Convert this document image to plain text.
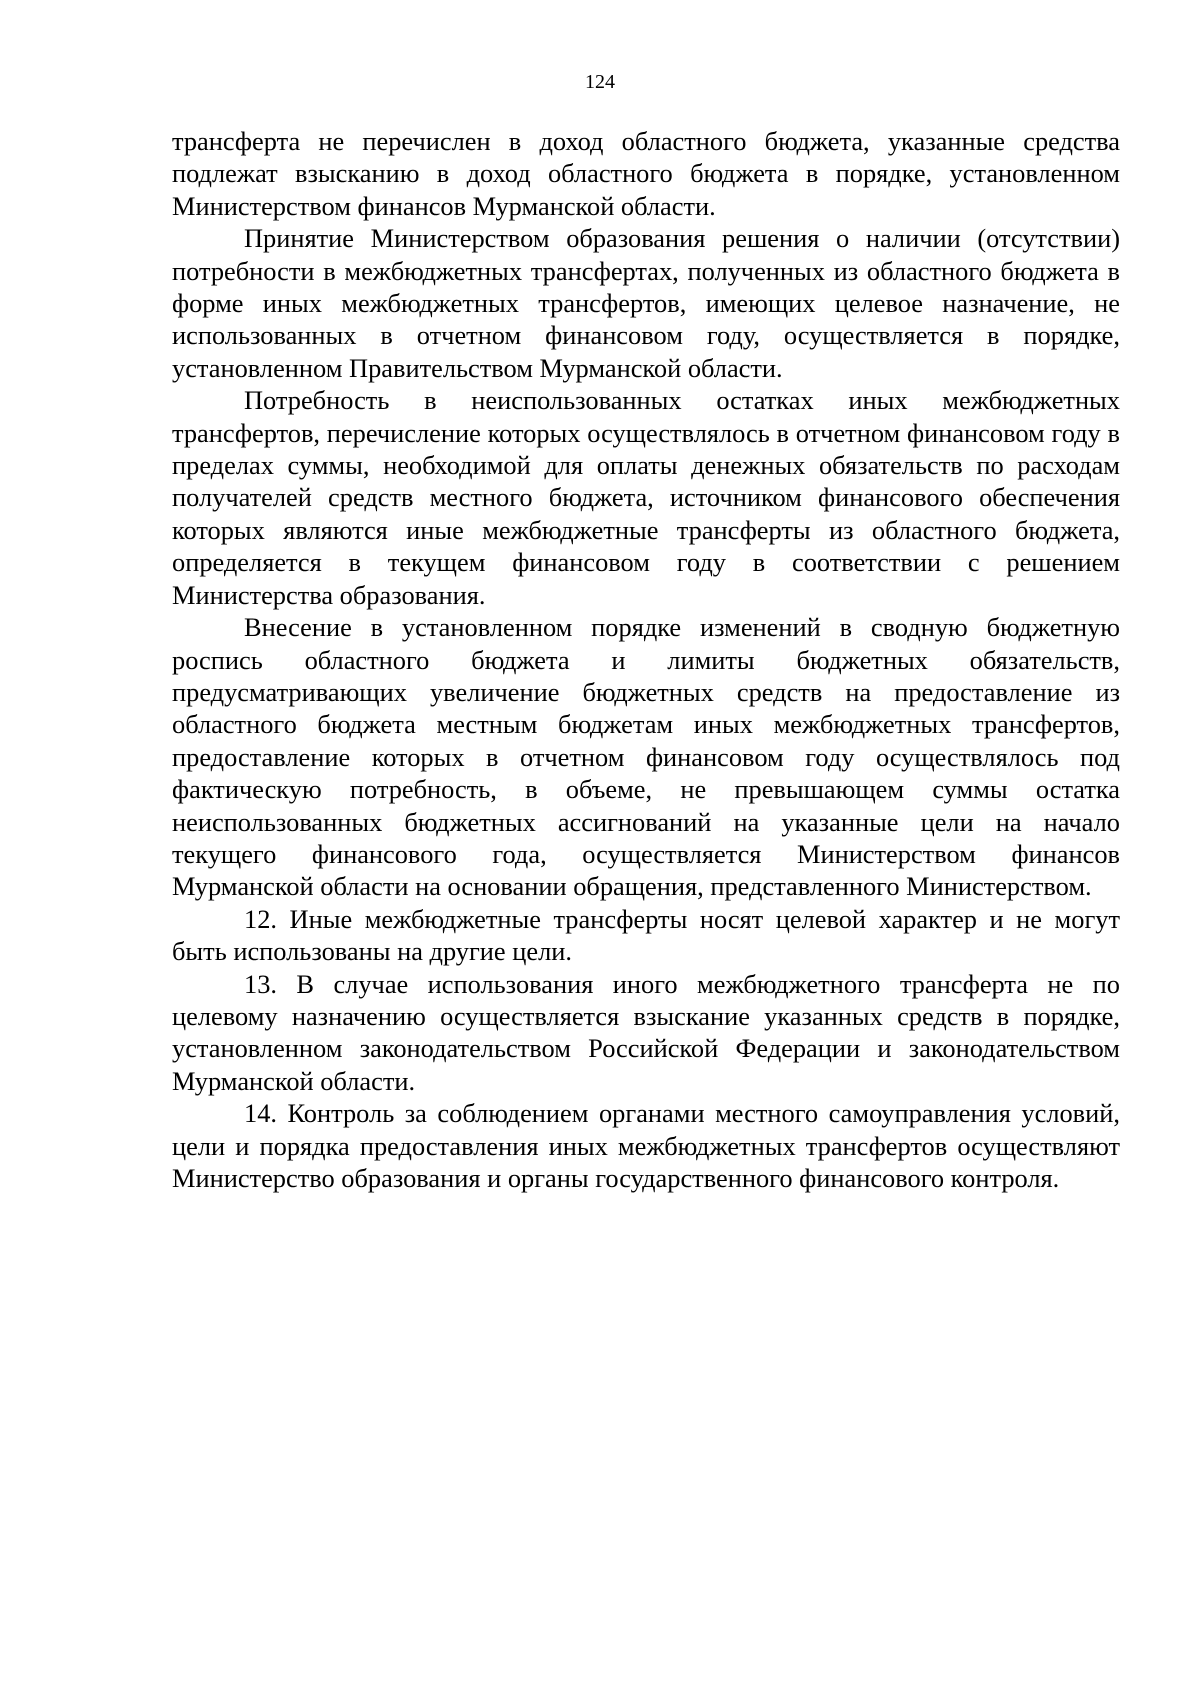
124

трансферта не перечислен в доход областного бюджета, указанные средства подлежат взысканию в доход областного бюджета в порядке, установленном Министерством финансов Мурманской области.

Принятие Министерством образования решения о наличии (отсутствии) потребности в межбюджетных трансфертах, полученных из областного бюджета в форме иных межбюджетных трансфертов, имеющих целевое назначение, не использованных в отчетном финансовом году, осуществляется в порядке, установленном Правительством Мурманской области.

Потребность в неиспользованных остатках иных межбюджетных трансфертов, перечисление которых осуществлялось в отчетном финансовом году в пределах суммы, необходимой для оплаты денежных обязательств по расходам получателей средств местного бюджета, источником финансового обеспечения которых являются иные межбюджетные трансферты из областного бюджета, определяется в текущем финансовом году в соответствии с решением Министерства образования.

Внесение в установленном порядке изменений в сводную бюджетную роспись областного бюджета и лимиты бюджетных обязательств, предусматривающих увеличение бюджетных средств на предоставление из областного бюджета местным бюджетам иных межбюджетных трансфертов, предоставление которых в отчетном финансовом году осуществлялось под фактическую потребность, в объеме, не превышающем суммы остатка неиспользованных бюджетных ассигнований на указанные цели на начало текущего финансового года, осуществляется Министерством финансов Мурманской области на основании обращения, представленного Министерством.

12. Иные межбюджетные трансферты носят целевой характер и не могут быть использованы на другие цели.

13. В случае использования иного межбюджетного трансферта не по целевому назначению осуществляется взыскание указанных средств в порядке, установленном законодательством Российской Федерации и законодательством Мурманской области.

14. Контроль за соблюдением органами местного самоуправления условий, цели и порядка предоставления иных межбюджетных трансфертов осуществляют Министерство образования и органы государственного финансового контроля.
